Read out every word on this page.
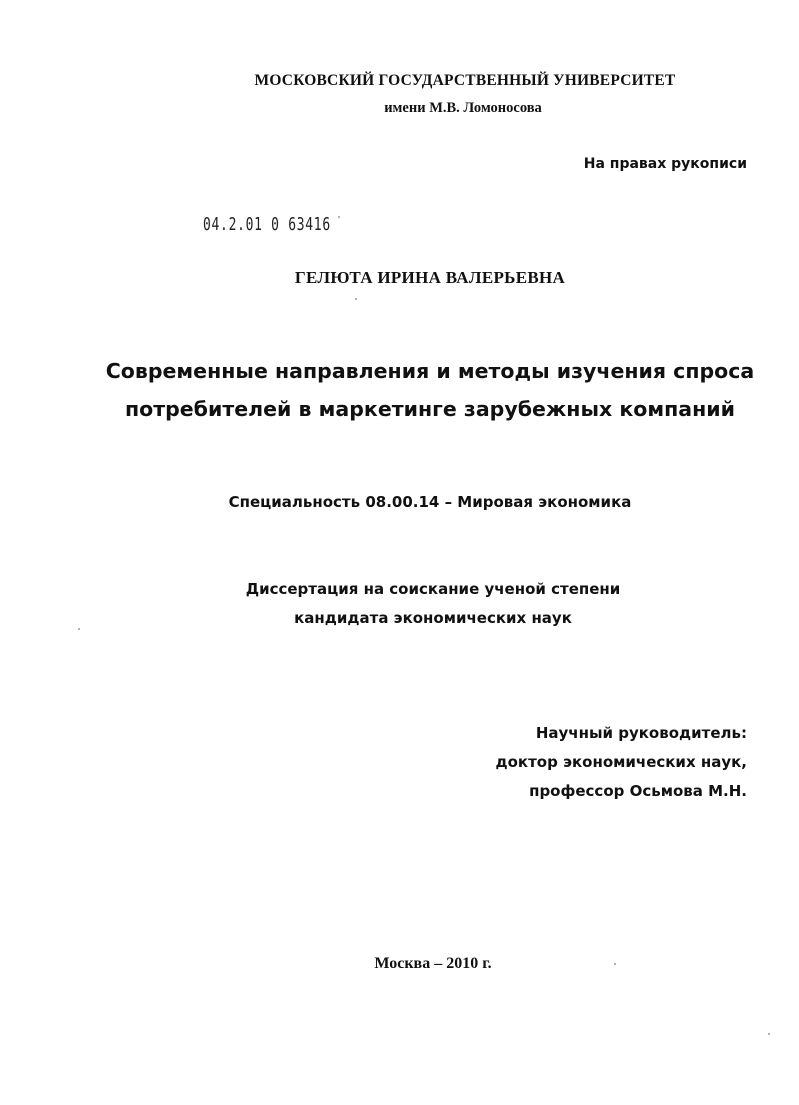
МОСКОВСКИЙ ГОСУДАРСТВЕННЫЙ УНИВЕРСИТЕТ
имени М.В. Ломоносова
На правах рукописи
04.2.01 0 63416
ГЕЛЮТА ИРИНА ВАЛЕРЬЕВНА
Современные направления и методы изучения спроса
потребителей в маркетинге зарубежных компаний
Специальность 08.00.14 – Мировая экономика
Диссертация на соискание ученой степени
кандидата экономических наук
Научный руководитель:
доктор экономических наук,
профессор Осьмова М.Н.
Москва – 2010 г.
